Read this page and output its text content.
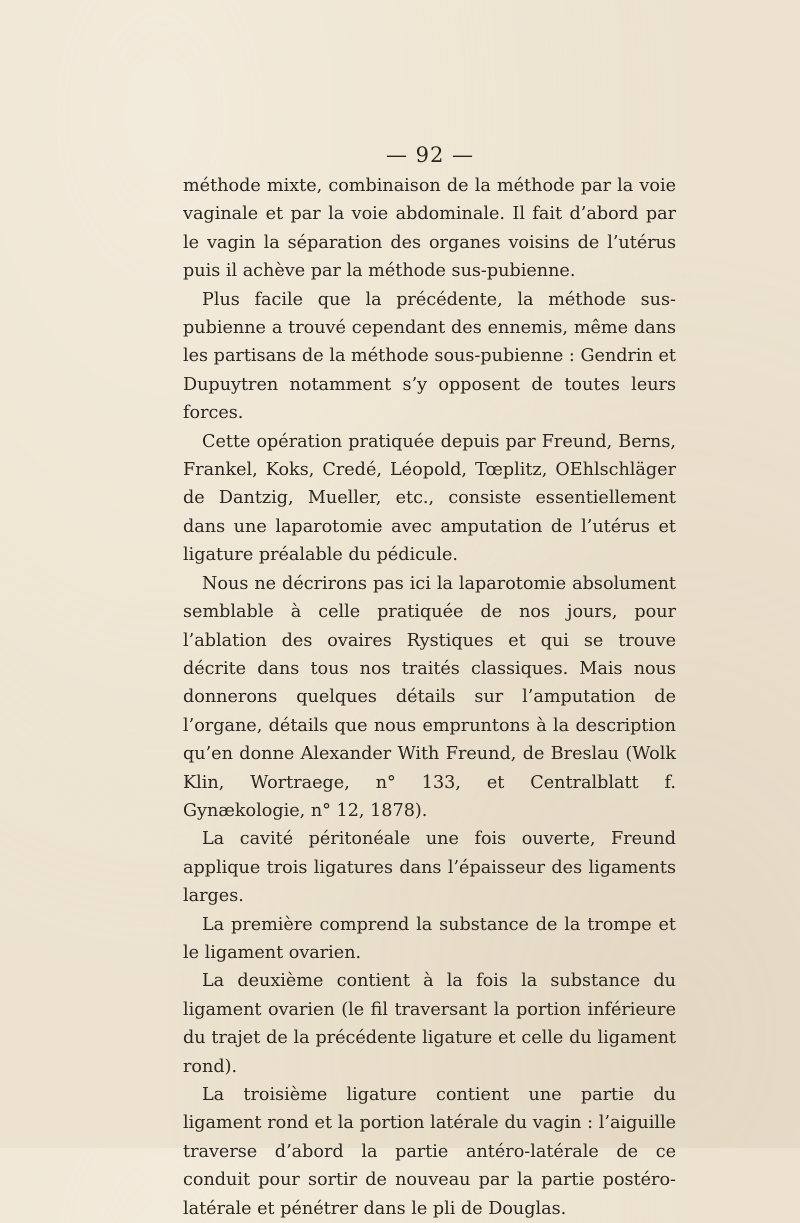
— 92 —

méthode mixte, combinaison de la méthode par la voie vaginale et par la voie abdominale. Il fait d’abord par le vagin la séparation des organes voisins de l’utérus puis il achève par la méthode sus-pubienne.

Plus facile que la précédente, la méthode sus-pubienne a trouvé cependant des ennemis, même dans les partisans de la méthode sous-pubienne : Gendrin et Dupuytren notamment s’y opposent de toutes leurs forces.

Cette opération pratiquée depuis par Freund, Berns, Frankel, Koks, Credé, Léopold, Tœplitz, OEhlschläger de Dantzig, Mueller, etc., consiste essentiellement dans une laparotomie avec amputation de l’utérus et ligature préalable du pédicule.

Nous ne décrirons pas ici la laparotomie absolument semblable à celle pratiquée de nos jours, pour l’ablation des ovaires Rystiques et qui se trouve décrite dans tous nos traités classiques. Mais nous donnerons quelques détails sur l’amputation de l’organe, détails que nous empruntons à la description qu’en donne Alexander With Freund, de Breslau (Wolk Klin, Wortraege, n° 133, et Centralblatt f. Gynækologie, n° 12, 1878).

La cavité péritonéale une fois ouverte, Freund applique trois ligatures dans l’épaisseur des ligaments larges.

La première comprend la substance de la trompe et le ligament ovarien.

La deuxième contient à la fois la substance du ligament ovarien (le fil traversant la portion inférieure du trajet de la précédente ligature et celle du ligament rond).

La troisième ligature contient une partie du ligament rond et la portion latérale du vagin : l’aiguille traverse d’abord la partie antéro-latérale de ce conduit pour sortir de nouveau par la partie postéro-latérale et pénétrer dans le pli de Douglas.
